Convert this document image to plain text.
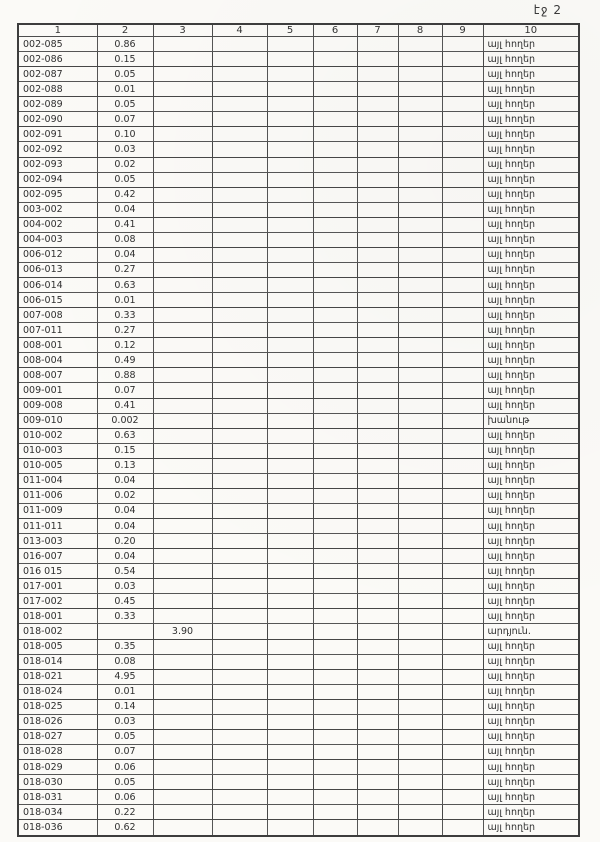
էջ 2
1	2	3	4	5	6	7	8	9	10
002-085	0.86								այլ հողեր
002-086	0.15								այլ հողեր
002-087	0.05								այլ հողեր
002-088	0.01								այլ հողեր
002-089	0.05								այլ հողեր
002-090	0.07								այլ հողեր
002-091	0.10								այլ հողեր
002-092	0.03								այլ հողեր
002-093	0.02								այլ հողեր
002-094	0.05								այլ հողեր
002-095	0.42								այլ հողեր
003-002	0.04								այլ հողեր
004-002	0.41								այլ հողեր
004-003	0.08								այլ հողեր
006-012	0.04								այլ հողեր
006-013	0.27								այլ հողեր
006-014	0.63								այլ հողեր
006-015	0.01								այլ հողեր
007-008	0.33								այլ հողեր
007-011	0.27								այլ հողեր
008-001	0.12								այլ հողեր
008-004	0.49								այլ հողեր
008-007	0.88								այլ հողեր
009-001	0.07								այլ հողեր
009-008	0.41								այլ հողեր
009-010	0.002								խանութ
010-002	0.63								այլ հողեր
010-003	0.15								այլ հողեր
010-005	0.13								այլ հողեր
011-004	0.04								այլ հողեր
011-006	0.02								այլ հողեր
011-009	0.04								այլ հողեր
011-011	0.04								այլ հողեր
013-003	0.20								այլ հողեր
016-007	0.04								այլ հողեր
016 015	0.54								այլ հողեր
017-001	0.03								այլ հողեր
017-002	0.45								այլ հողեր
018-001	0.33								այլ հողեր
018-002		3.90							արդյուն.
018-005	0.35								այլ հողեր
018-014	0.08								այլ հողեր
018-021	4.95								այլ հողեր
018-024	0.01								այլ հողեր
018-025	0.14								այլ հողեր
018-026	0.03								այլ հողեր
018-027	0.05								այլ հողեր
018-028	0.07								այլ հողեր
018-029	0.06								այլ հողեր
018-030	0.05								այլ հողեր
018-031	0.06								այլ հողեր
018-034	0.22								այլ հողեր
018-036	0.62								այլ հողեր
